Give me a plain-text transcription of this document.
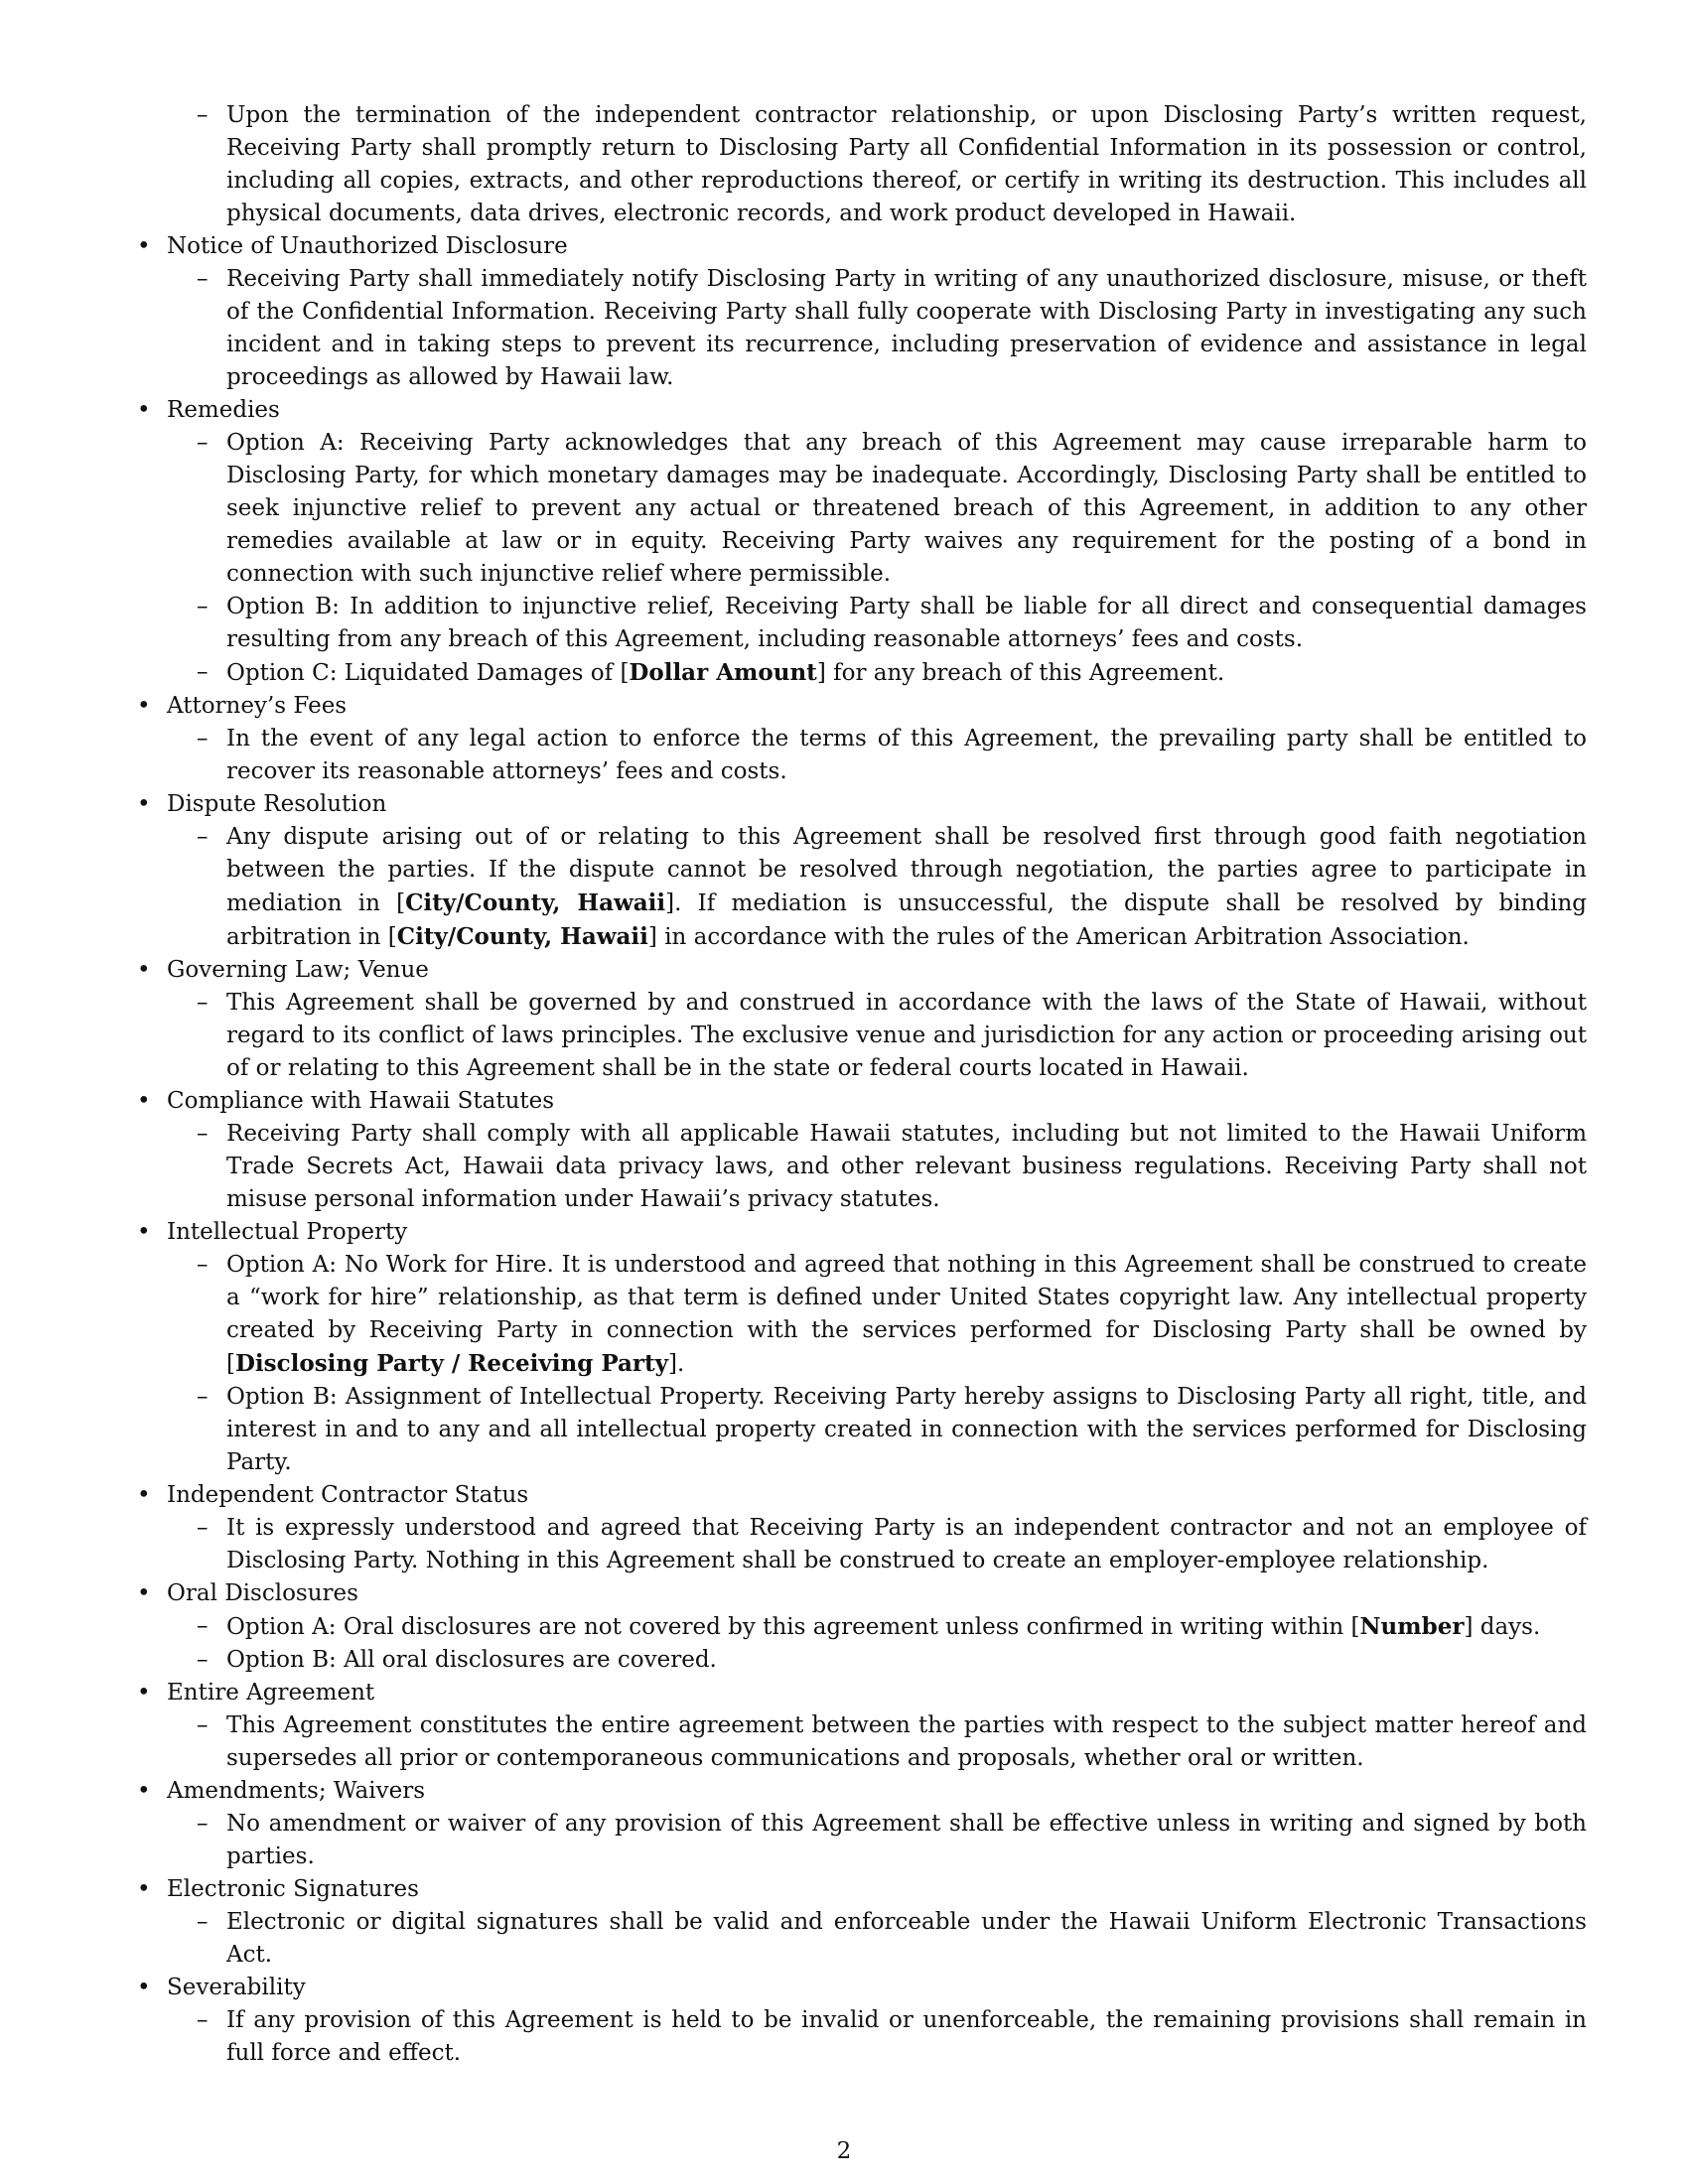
– Upon the termination of the independent contractor relationship, or upon Disclosing Party’s written request, Receiving Party shall promptly return to Disclosing Party all Confidential Information in its possession or control, including all copies, extracts, and other reproductions thereof, or certify in writing its destruction. This includes all physical documents, data drives, electronic records, and work product developed in Hawaii.

• Notice of Unauthorized Disclosure

– Receiving Party shall immediately notify Disclosing Party in writing of any unauthorized disclosure, misuse, or theft of the Confidential Information. Receiving Party shall fully cooperate with Disclosing Party in investigating any such incident and in taking steps to prevent its recurrence, including preservation of evidence and assistance in legal proceedings as allowed by Hawaii law.

• Remedies

– Option A: Receiving Party acknowledges that any breach of this Agreement may cause irreparable harm to Disclosing Party, for which monetary damages may be inadequate. Accordingly, Disclosing Party shall be entitled to seek injunctive relief to prevent any actual or threatened breach of this Agreement, in addition to any other remedies available at law or in equity. Receiving Party waives any requirement for the posting of a bond in connection with such injunctive relief where permissible.

– Option B: In addition to injunctive relief, Receiving Party shall be liable for all direct and consequential damages resulting from any breach of this Agreement, including reasonable attorneys’ fees and costs.

– Option C: Liquidated Damages of [Dollar Amount] for any breach of this Agreement.

• Attorney’s Fees

– In the event of any legal action to enforce the terms of this Agreement, the prevailing party shall be entitled to recover its reasonable attorneys’ fees and costs.

• Dispute Resolution

– Any dispute arising out of or relating to this Agreement shall be resolved first through good faith negotiation between the parties. If the dispute cannot be resolved through negotiation, the parties agree to participate in mediation in [City/County, Hawaii]. If mediation is unsuccessful, the dispute shall be resolved by binding arbitration in [City/County, Hawaii] in accordance with the rules of the American Arbitration Association.

• Governing Law; Venue

– This Agreement shall be governed by and construed in accordance with the laws of the State of Hawaii, without regard to its conflict of laws principles. The exclusive venue and jurisdiction for any action or proceeding arising out of or relating to this Agreement shall be in the state or federal courts located in Hawaii.

• Compliance with Hawaii Statutes

– Receiving Party shall comply with all applicable Hawaii statutes, including but not limited to the Hawaii Uniform Trade Secrets Act, Hawaii data privacy laws, and other relevant business regulations. Receiving Party shall not misuse personal information under Hawaii’s privacy statutes.

• Intellectual Property

– Option A: No Work for Hire. It is understood and agreed that nothing in this Agreement shall be construed to create a “work for hire” relationship, as that term is defined under United States copyright law. Any intellectual property created by Receiving Party in connection with the services performed for Disclosing Party shall be owned by [Disclosing Party / Receiving Party].

– Option B: Assignment of Intellectual Property. Receiving Party hereby assigns to Disclosing Party all right, title, and interest in and to any and all intellectual property created in connection with the services performed for Disclosing Party.

• Independent Contractor Status

– It is expressly understood and agreed that Receiving Party is an independent contractor and not an employee of Disclosing Party. Nothing in this Agreement shall be construed to create an employer-employee relationship.

• Oral Disclosures

– Option A: Oral disclosures are not covered by this agreement unless confirmed in writing within [Number] days.

– Option B: All oral disclosures are covered.

• Entire Agreement

– This Agreement constitutes the entire agreement between the parties with respect to the subject matter hereof and supersedes all prior or contemporaneous communications and proposals, whether oral or written.

• Amendments; Waivers

– No amendment or waiver of any provision of this Agreement shall be effective unless in writing and signed by both parties.

• Electronic Signatures

– Electronic or digital signatures shall be valid and enforceable under the Hawaii Uniform Electronic Transactions Act.

• Severability

– If any provision of this Agreement is held to be invalid or unenforceable, the remaining provisions shall remain in full force and effect.

2
